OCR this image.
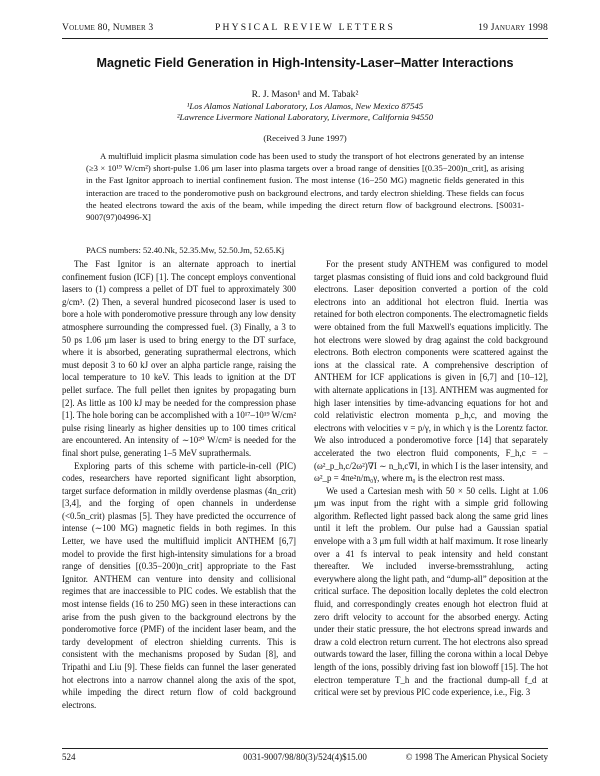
Volume 80, Number 3	PHYSICAL REVIEW LETTERS	19 January 1998
Magnetic Field Generation in High-Intensity-Laser–Matter Interactions
R. J. Mason¹ and M. Tabak²
¹Los Alamos National Laboratory, Los Alamos, New Mexico 87545
²Lawrence Livermore National Laboratory, Livermore, California 94550
(Received 3 June 1997)

A multifluid implicit plasma simulation code has been used to study the transport of hot electrons generated by an intense (≥3 × 10¹⁹ W/cm²) short-pulse 1.06 μm laser into plasma targets over a broad range of densities [(0.35−200)n_crit], as arising in the Fast Ignitor approach to inertial confinement fusion. The most intense (16−250 MG) magnetic fields generated in this interaction are traced to the ponderomotive push on background electrons, and tardy electron shielding. These fields can focus the heated electrons toward the axis of the beam, while impeding the direct return flow of background electrons. [S0031-9007(97)04996-X]

PACS numbers: 52.40.Nk, 52.35.Mw, 52.50.Jm, 52.65.Kj

The Fast Ignitor is an alternate approach to inertial confinement fusion (ICF) [1]. The concept employs conventional lasers to (1) compress a pellet of DT fuel to approximately 300 g/cm³. (2) Then, a several hundred picosecond laser is used to bore a hole with ponderomotive pressure through any low density atmosphere surrounding the compressed fuel. (3) Finally, a 3 to 50 ps 1.06 μm laser is used to bring energy to the DT surface, where it is absorbed, generating suprathermal electrons, which must deposit 3 to 60 kJ over an alpha particle range, raising the local temperature to 10 keV. This leads to ignition at the DT pellet surface. The full pellet then ignites by propagating burn [2]. As little as 100 kJ may be needed for the compression phase [1]. The hole boring can be accomplished with a 10¹⁷–10¹⁹ W/cm² pulse rising linearly as higher densities up to 100 times critical are encountered. An intensity of ∼10²⁰ W/cm² is needed for the final short pulse, generating 1–5 MeV suprathermals.

Exploring parts of this scheme with particle-in-cell (PIC) codes, researchers have reported significant light absorption, target surface deformation in mildly overdense plasmas (4n_crit) [3,4], and the forging of open channels in underdense (<0.5n_crit) plasmas [5]. They have predicted the occurrence of intense (∼100 MG) magnetic fields in both regimes. In this Letter, we have used the multifluid implicit ANTHEM [6,7] model to provide the first high-intensity simulations for a broad range of densities [(0.35−200)n_crit] appropriate to the Fast Ignitor. ANTHEM can venture into density and collisional regimes that are inaccessible to PIC codes. We establish that the most intense fields (16 to 250 MG) seen in these interactions can arise from the push given to the background electrons by the ponderomotive force (PMF) of the incident laser beam, and the tardy development of electron shielding currents. This is consistent with the mechanisms proposed by Sudan [8], and Tripathi and Liu [9]. These fields can funnel the laser generated hot electrons into a narrow channel along the axis of the spot, while impeding the direct return flow of cold background electrons.

For the present study ANTHEM was configured to model target plasmas consisting of fluid ions and cold background fluid electrons. Laser deposition converted a portion of the cold electrons into an additional hot electron fluid. Inertia was retained for both electron components. The electromagnetic fields were obtained from the full Maxwell's equations implicitly. The hot electrons were slowed by drag against the cold background electrons. Both electron components were scattered against the ions at the classical rate. A comprehensive description of ANTHEM for ICF applications is given in [6,7] and [10–12], with alternate applications in [13]. ANTHEM was augmented for high laser intensities by time-advancing equations for hot and cold relativistic electron momenta p_h,c, and moving the electrons with velocities v = p/γ, in which γ is the Lorentz factor. We also introduced a ponderomotive force [14] that separately accelerated the two electron fluid components, F_h,c = −(ω²_p_h,c/2ω²)∇I ∼ n_h,c∇I, in which I is the laser intensity, and ω²_p = 4πe²n/m₀γ, where m₀ is the electron rest mass.

We used a Cartesian mesh with 50 × 50 cells. Light at 1.06 μm was input from the right with a simple grid following algorithm. Reflected light passed back along the same grid lines until it left the problem. Our pulse had a Gaussian spatial envelope with a 3 μm full width at half maximum. It rose linearly over a 41 fs interval to peak intensity and held constant thereafter. We included inverse-bremsstrahlung, acting everywhere along the light path, and “dump-all” deposition at the critical surface. The deposition locally depletes the cold electron fluid, and correspondingly creates enough hot electron fluid at zero drift velocity to account for the absorbed energy. Acting under their static pressure, the hot electrons spread inwards and draw a cold electron return current. The hot electrons also spread outwards toward the laser, filling the corona within a local Debye length of the ions, possibly driving fast ion blowoff [15]. The hot electron temperature T_h and the fractional dump-all f_d at critical were set by previous PIC code experience, i.e., Fig. 3

524	0031-9007/98/80(3)/524(4)$15.00	© 1998 The American Physical Society
